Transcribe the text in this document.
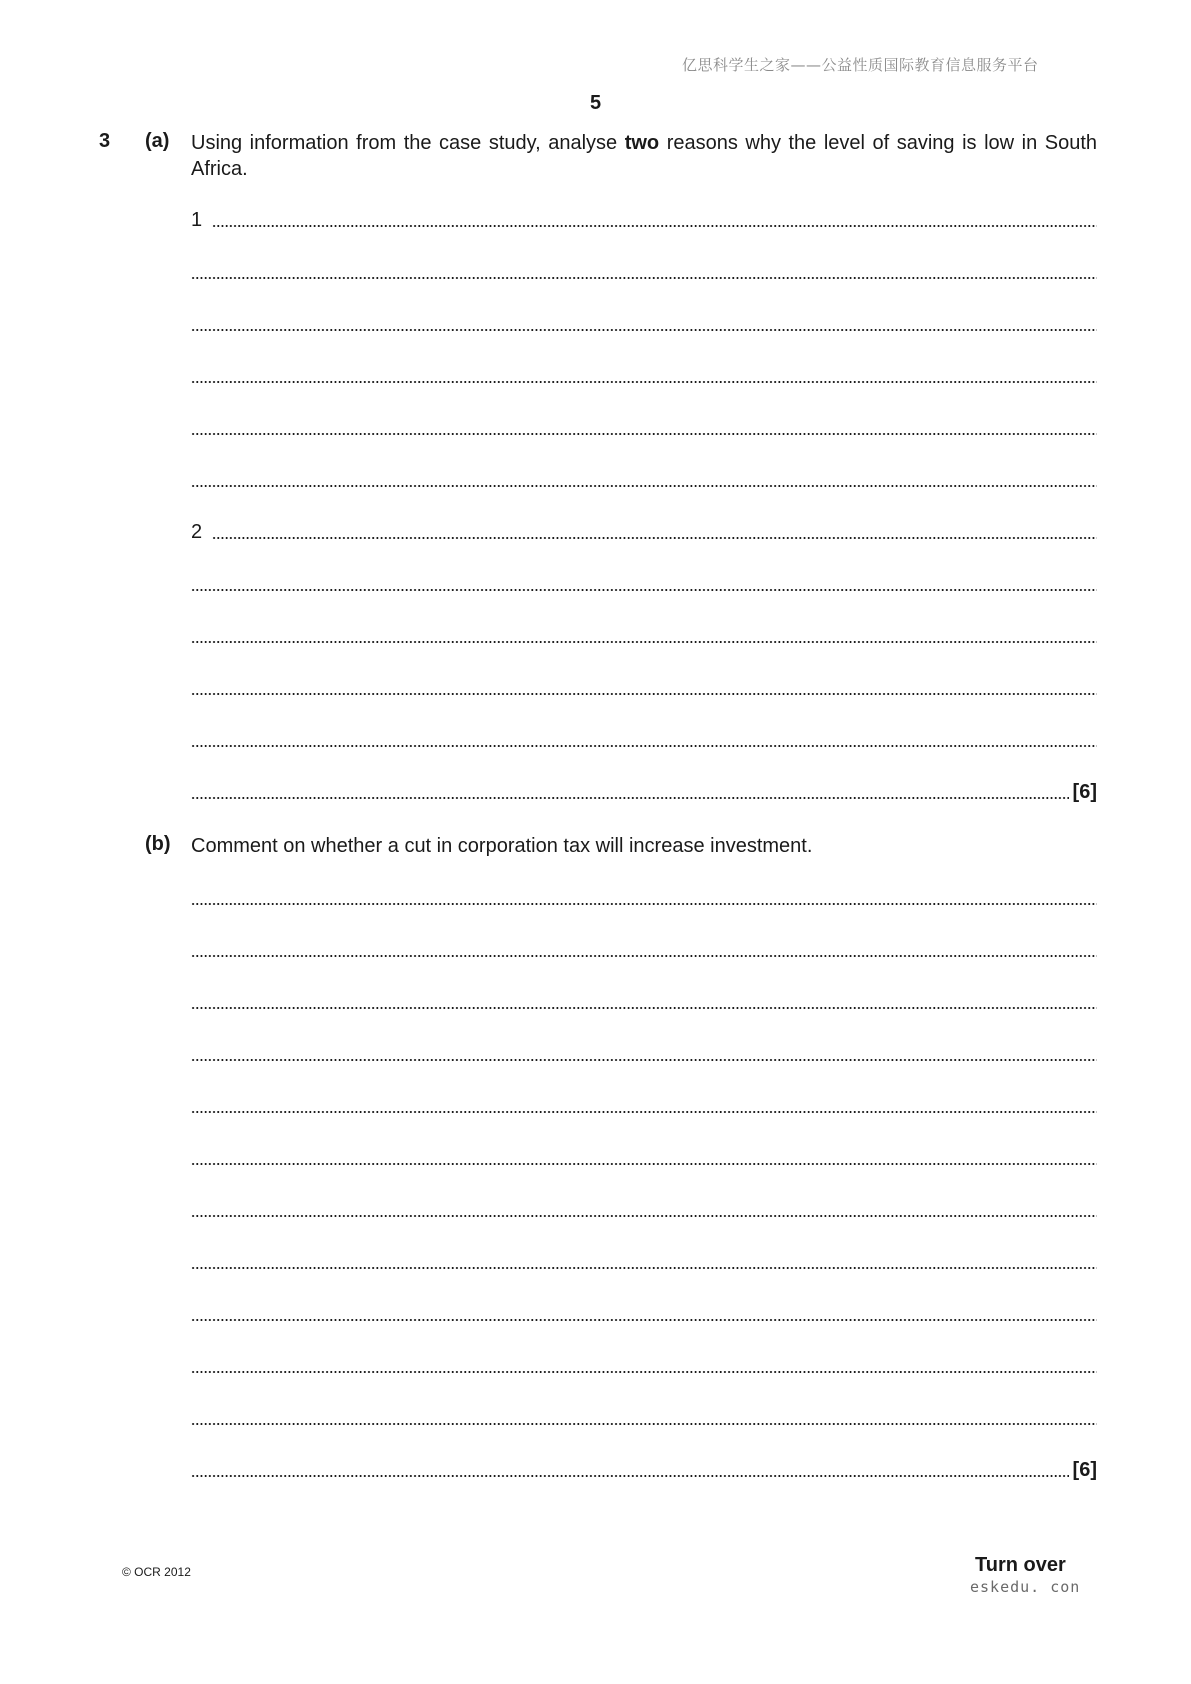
亿思科学生之家——公益性质国际教育信息服务平台
5
3 (a) Using information from the case study, analyse two reasons why the level of saving is low in South Africa.
1
2
[6]
(b) Comment on whether a cut in corporation tax will increase investment.
[6]
© OCR 2012	Turn over
eskedu. con
